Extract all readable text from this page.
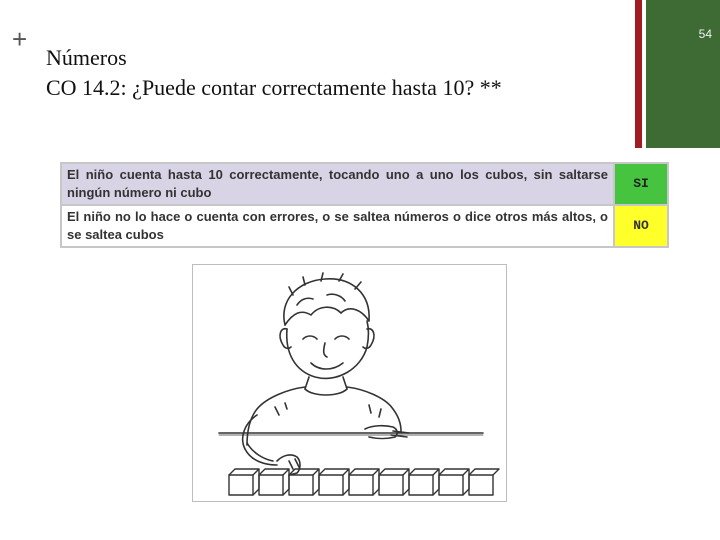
+
Números
CO 14.2: ¿Puede contar correctamente hasta 10? **
54
El niño cuenta hasta 10 correctamente, tocando uno a uno los cubos, sin saltarse ningún número ni cubo	SI
El niño no lo hace o cuenta con errores, o se saltea números o dice otros más altos, o se saltea cubos	NO
